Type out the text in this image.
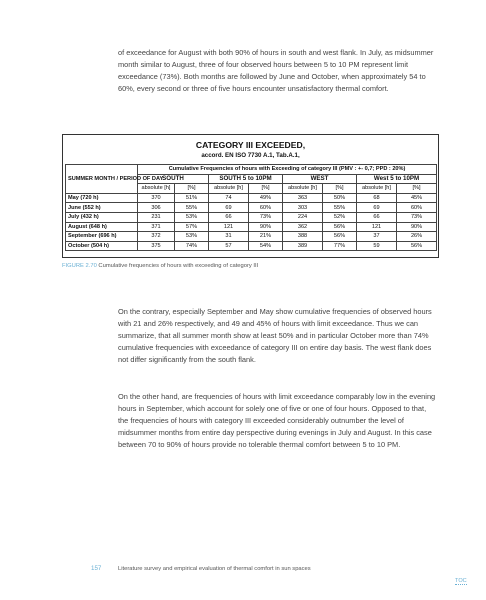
of exceedance for August with both 90% of hours in south and west flank. In July, as midsummer month similar to August, three of four observed hours between 5 to 10 PM represent limit exceedance (73%). Both months are followed by June and October, when approximately 54 to 60%, every second or three of five hours encounter unsatisfactory thermal comfort.

CATEGORY III EXCEEDED,
accord. EN ISO 7730 A.1, Tab.A.1,
SUMMER MONTH / PERIOD OF DAY	Cumulative Frequencies of hours with Exceeding of category III (PMV : +- 0,7; PPD : 20%)							
	SOUTH		SOUTH 5 to 10PM		WEST		West 5 to 10PM	
	absolute [h]	[%]	absolute [h]	[%]	absolute [h]	[%]	absolute [h]	[%]
May (720 h)	370	51%	74	49%	363	50%	68	45%
June (552 h)	306	55%	69	60%	303	55%	69	60%
July (432 h)	231	53%	66	73%	224	52%	66	73%
August (648 h)	371	57%	121	90%	362	56%	121	90%
September (696 h)	372	53%	31	21%	388	56%	37	26%
October (504 h)	375	74%	57	54%	389	77%	59	56%
FIGURE 2.70 Cumulative frequencies of hours with exceeding of category III

On the contrary, especially September and May show cumulative frequencies of observed hours with 21 and 26% respectively, and 49 and 45% of hours with limit exceedance. Thus we can summarize, that all summer month show at least 50% and in particular October more than 74% cumulative frequencies with exceedance of category III on entire day basis. The west flank does not differ significantly from the south flank.

On the other hand, are frequencies of hours with limit exceedance comparably low in the evening hours in September, which account for solely one of five or one of four hours. Opposed to that, the frequencies of hours with category III exceeded considerably outnumber the level of midsummer months from entire day perspective during evenings in July and August. In this case between 70 to 90% of hours provide no tolerable thermal comfort between 5 to 10 PM.

157	Literature survey and empirical evaluation of thermal comfort in sun spaces
TOC
